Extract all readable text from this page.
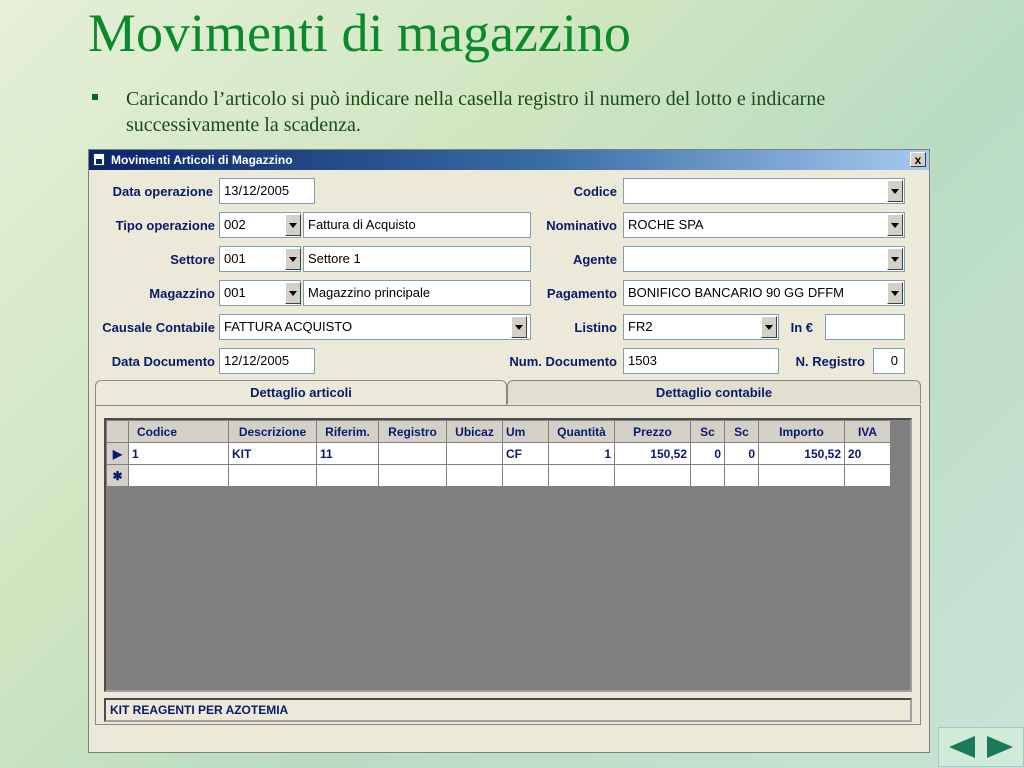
Movimenti di magazzino
Caricando l’articolo si può indicare nella casella registro il numero del lotto e indicarne successivamente la scadenza.
Movimenti Articoli di Magazzino	x
Data operazione 13/12/2005
Tipo operazione 002	Fattura di Acquisto
Settore 001	Settore 1
Magazzino 001	Magazzino principale
Causale Contabile FATTURA ACQUISTO
Data Documento 12/12/2005
Codice
Nominativo ROCHE SPA
Agente
Pagamento BONIFICO BANCARIO 90 GG DFFM
Listino FR2	In €
Num. Documento 1503	N. Registro	0
Dettaglio articoli	Dettaglio contabile
	Codice	Descrizione	Riferim.	Registro	Ubicaz	Um	Quantità	Prezzo	Sc	Sc	Importo	IVA
▶	1	KIT	11			CF	1	150,52	0	0	150,52	20
✱												
KIT REAGENTI PER AZOTEMIA
